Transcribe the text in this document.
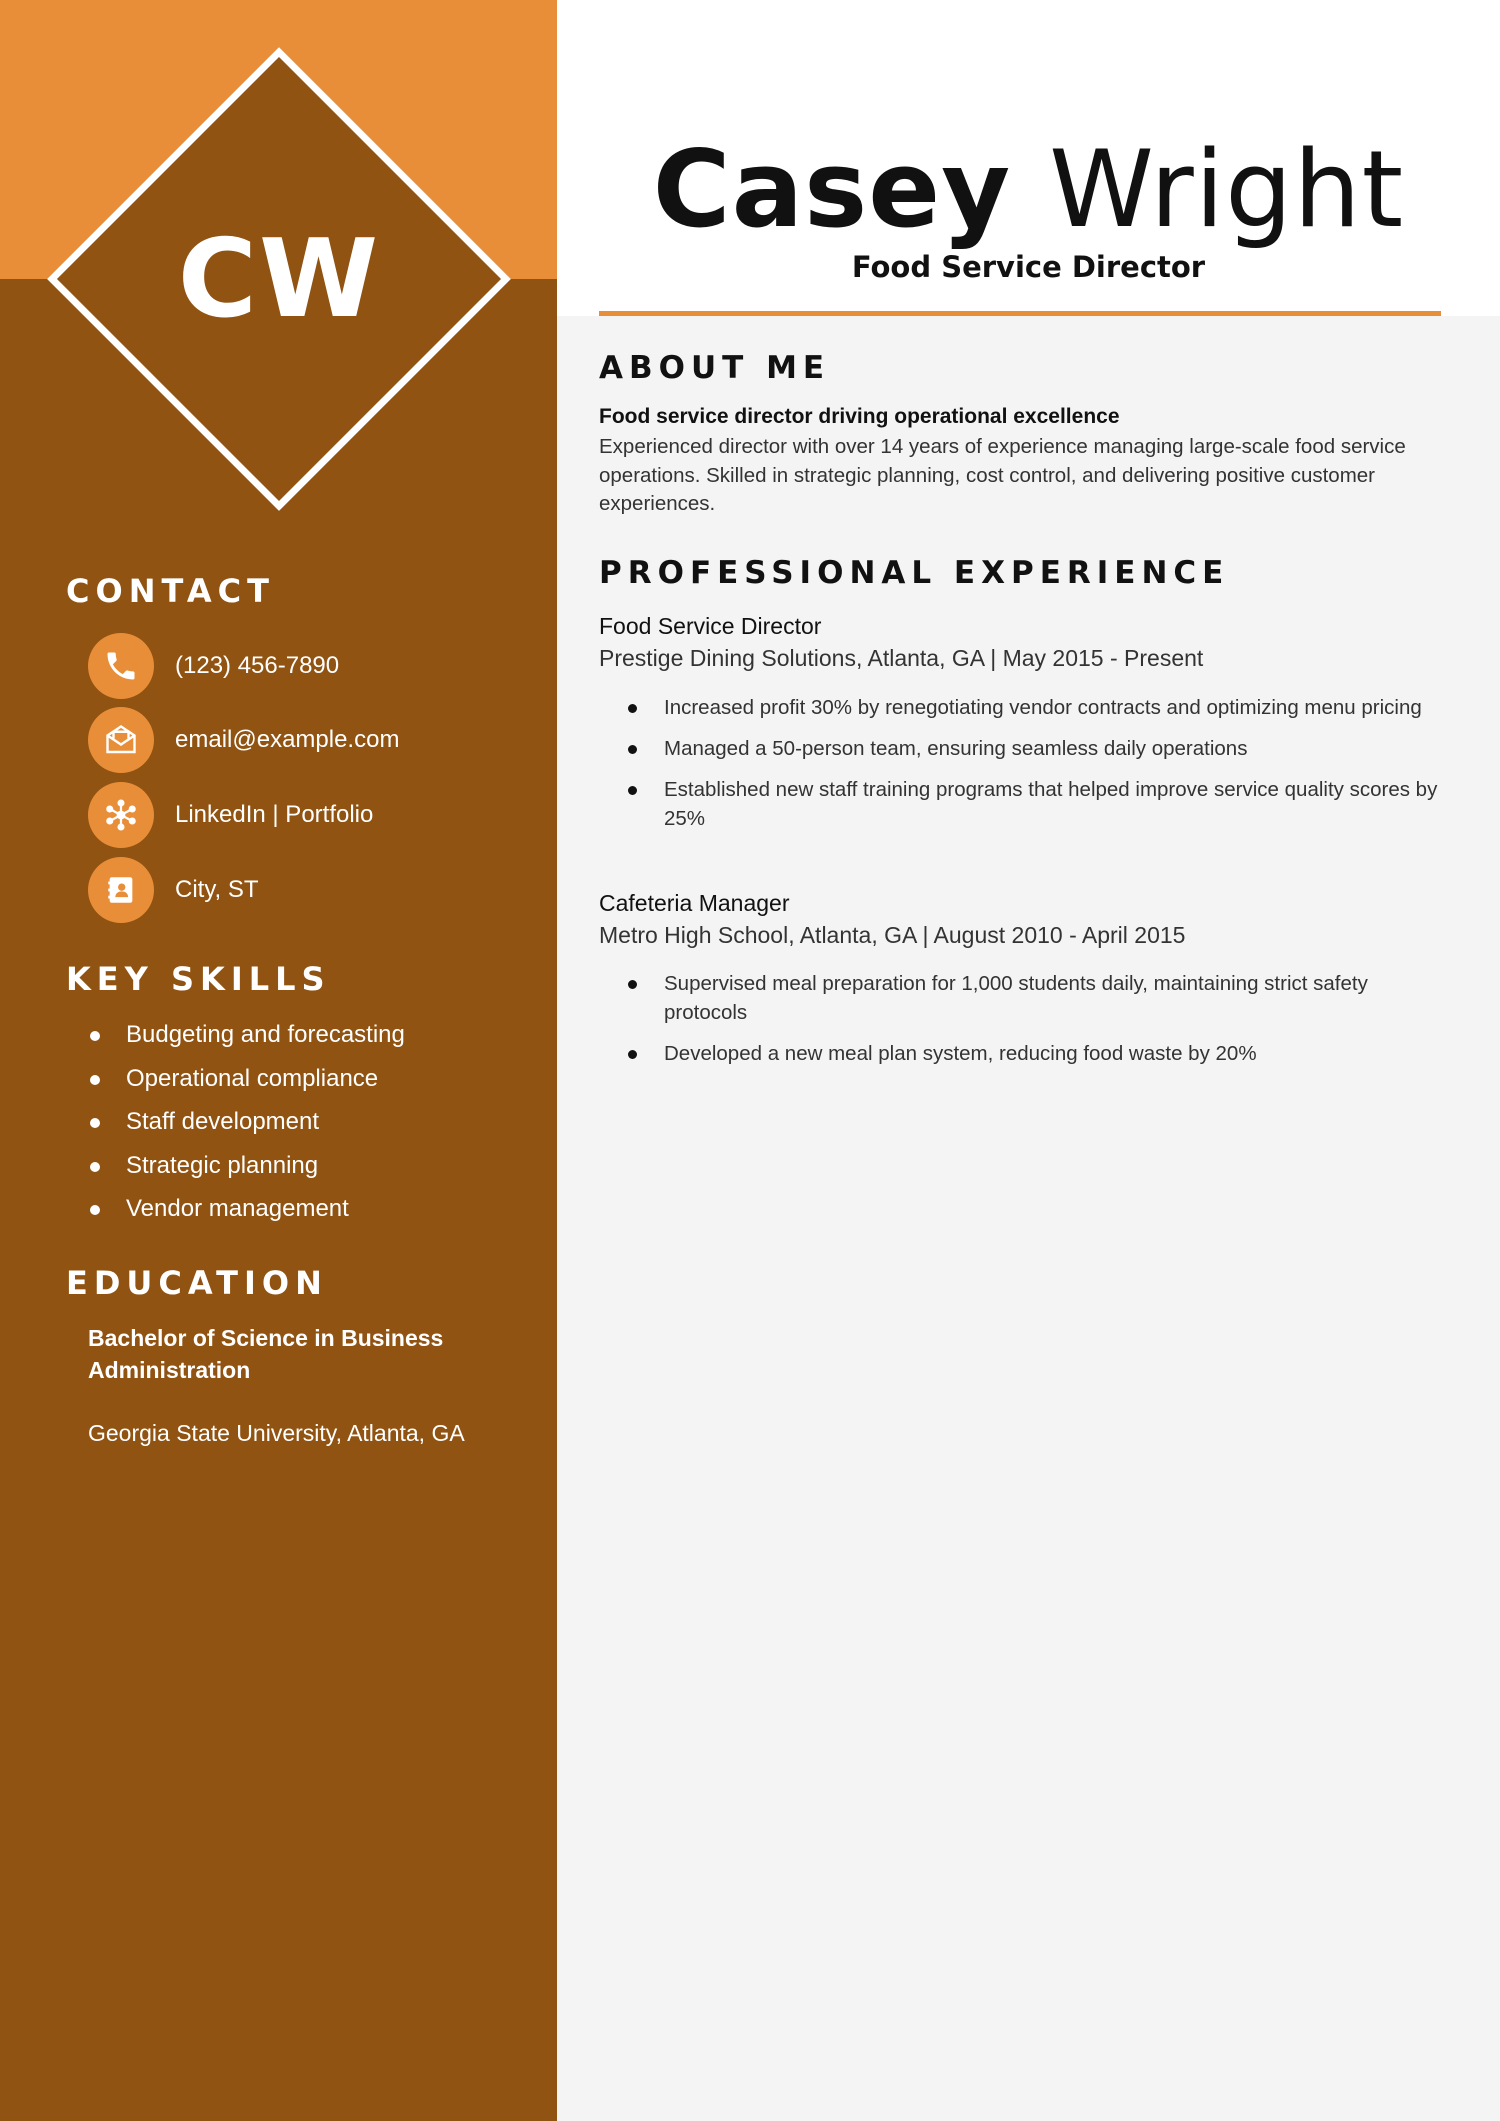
CW
CONTACT
(123) 456-7890
email@example.com
LinkedIn | Portfolio
City, ST
KEY SKILLS
Budgeting and forecasting
Operational compliance
Staff development
Strategic planning
Vendor management
EDUCATION

Bachelor of Science in Business Administration

Georgia State University, Atlanta, GA

Casey Wright
Food Service Director
ABOUT ME

Food service director driving operational excellence

Experienced director with over 14 years of experience managing large-scale food service operations. Skilled in strategic planning, cost control, and delivering positive customer experiences.

PROFESSIONAL EXPERIENCE

Food Service Director

Prestige Dining Solutions, Atlanta, GA | May 2015 - Present

Increased profit 30% by renegotiating vendor contracts and optimizing menu pricing
Managed a 50-person team, ensuring seamless daily operations
Established new staff training programs that helped improve service quality scores by 25%

Cafeteria Manager

Metro High School, Atlanta, GA | August 2010 - April 2015

Supervised meal preparation for 1,000 students daily, maintaining strict safety protocols
Developed a new meal plan system, reducing food waste by 20%
